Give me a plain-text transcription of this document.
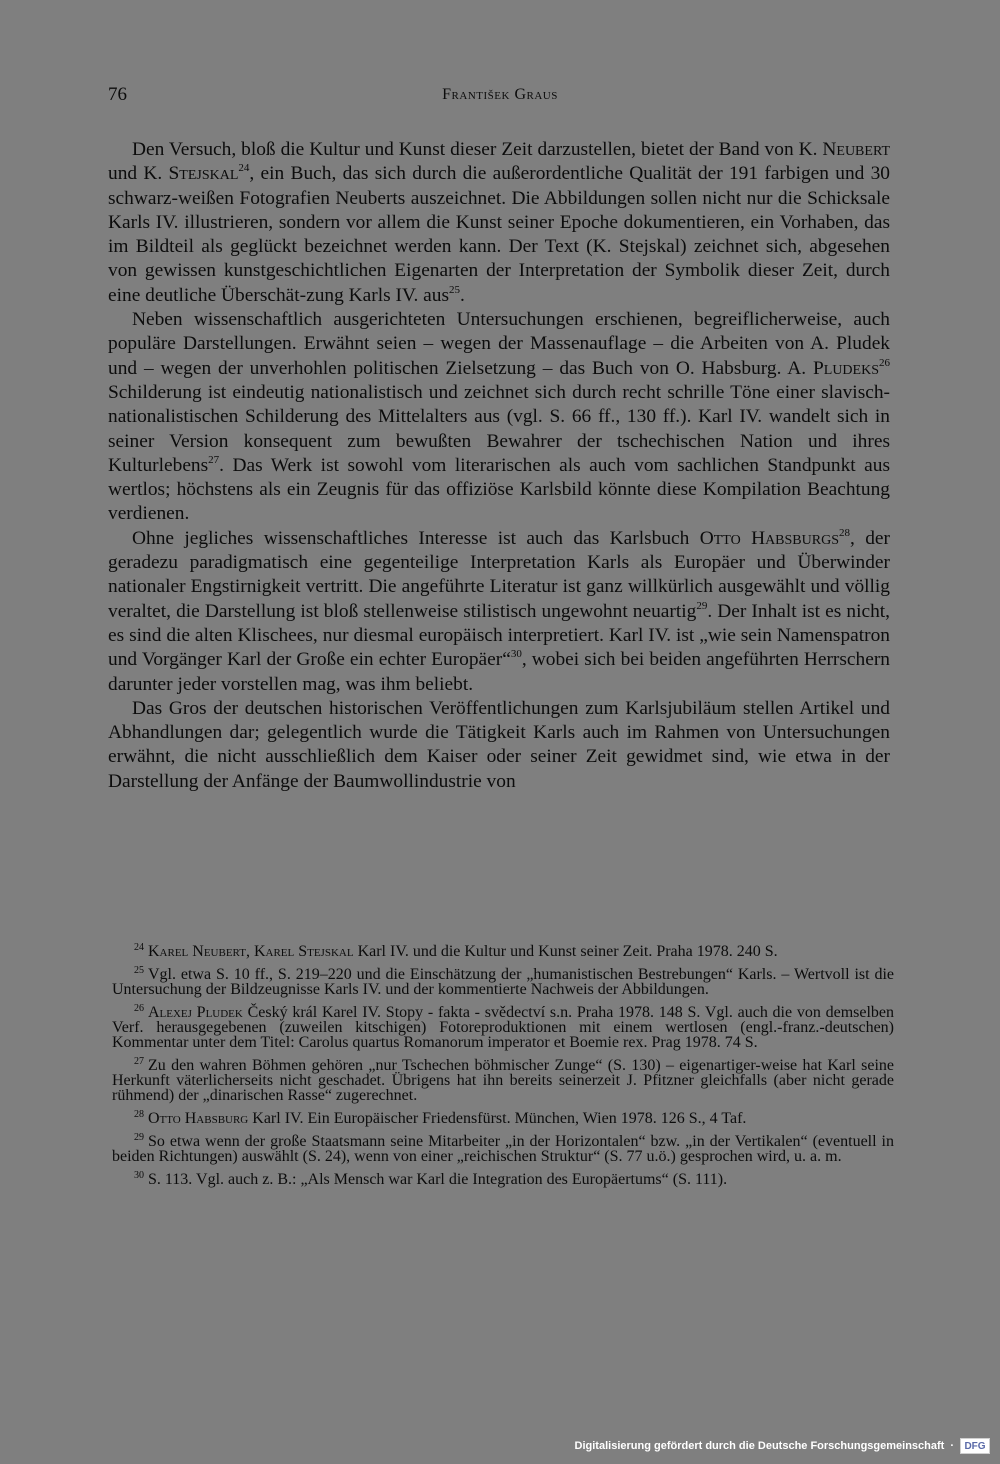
76	František Graus

Den Versuch, bloß die Kultur und Kunst dieser Zeit darzustellen, bietet der Band von K. Neubert und K. Stejskal$^{24}$, ein Buch, das sich durch die außerordentliche Qualität der 191 farbigen und 30 schwarz-weißen Fotografien Neuberts auszeichnet. Die Abbildungen sollen nicht nur die Schicksale Karls IV. illustrieren, sondern vor allem die Kunst seiner Epoche dokumentieren, ein Vorhaben, das im Bildteil als geglückt bezeichnet werden kann. Der Text (K. Stejskal) zeichnet sich, abgesehen von gewissen kunstgeschichtlichen Eigenarten der Interpretation der Symbolik dieser Zeit, durch eine deutliche Überschät-zung Karls IV. aus$^{25}$.

Neben wissenschaftlich ausgerichteten Untersuchungen erschienen, begreiflicherweise, auch populäre Darstellungen. Erwähnt seien – wegen der Massenauflage – die Arbeiten von A. Pludek und – wegen der unverhohlen politischen Zielsetzung – das Buch von O. Habsburg. A. Pludeks$^{26}$ Schilderung ist eindeutig nationalistisch und zeichnet sich durch recht schrille Töne einer slavisch-nationalistischen Schilderung des Mittelalters aus (vgl. S. 66 ff., 130 ff.). Karl IV. wandelt sich in seiner Version konsequent zum bewußten Bewahrer der tschechischen Nation und ihres Kulturlebens$^{27}$. Das Werk ist sowohl vom literarischen als auch vom sachlichen Standpunkt aus wertlos; höchstens als ein Zeugnis für das offiziöse Karlsbild könnte diese Kompilation Beachtung verdienen.

Ohne jegliches wissenschaftliches Interesse ist auch das Karlsbuch Otto Habsburgs$^{28}$, der geradezu paradigmatisch eine gegenteilige Interpretation Karls als Europäer und Überwinder nationaler Engstirnigkeit vertritt. Die angeführte Literatur ist ganz willkürlich ausgewählt und völlig veraltet, die Darstellung ist bloß stellenweise stilistisch ungewohnt neuartig$^{29}$. Der Inhalt ist es nicht, es sind die alten Klischees, nur diesmal europäisch interpretiert. Karl IV. ist „wie sein Namenspatron und Vorgänger Karl der Große ein echter Europäer“$^{30}$, wobei sich bei beiden angeführten Herrschern darunter jeder vorstellen mag, was ihm beliebt.

Das Gros der deutschen historischen Veröffentlichungen zum Karlsjubiläum stellen Artikel und Abhandlungen dar; gelegentlich wurde die Tätigkeit Karls auch im Rahmen von Untersuchungen erwähnt, die nicht ausschließlich dem Kaiser oder seiner Zeit gewidmet sind, wie etwa in der Darstellung der Anfänge der Baumwollindustrie von

$^{24}$ Karel Neubert, Karel Stejskal Karl IV. und die Kultur und Kunst seiner Zeit. Praha 1978. 240 S.

$^{25}$ Vgl. etwa S. 10 ff., S. 219–220 und die Einschätzung der „humanistischen Bestrebungen“ Karls. – Wertvoll ist die Untersuchung der Bildzeugnisse Karls IV. und der kommentierte Nachweis der Abbildungen.

$^{26}$ Alexej Pludek Český král Karel IV. Stopy - fakta - svědectví s.n. Praha 1978. 148 S. Vgl. auch die von demselben Verf. herausgegebenen (zuweilen kitschigen) Fotoreproduktionen mit einem wertlosen (engl.-franz.-deutschen) Kommentar unter dem Titel: Carolus quartus Romanorum imperator et Boemie rex. Prag 1978. 74 S.

$^{27}$ Zu den wahren Böhmen gehören „nur Tschechen böhmischer Zunge“ (S. 130) – eigenartiger-weise hat Karl seine Herkunft väterlicherseits nicht geschadet. Übrigens hat ihn bereits seinerzeit J. Pfitzner gleichfalls (aber nicht gerade rühmend) der „dinarischen Rasse“ zugerechnet.

$^{28}$ Otto Habsburg Karl IV. Ein Europäischer Friedensfürst. München, Wien 1978. 126 S., 4 Taf.

$^{29}$ So etwa wenn der große Staatsmann seine Mitarbeiter „in der Horizontalen“ bzw. „in der Vertikalen“ (eventuell in beiden Richtungen) auswählt (S. 24), wenn von einer „reichischen Struktur“ (S. 77 u.ö.) gesprochen wird, u. a. m.

$^{30}$ S. 113. Vgl. auch z. B.: „Als Mensch war Karl die Integration des Europäertums“ (S. 111).

Digitalisierung gefördert durch die Deutsche Forschungsgemeinschaft ·	DFG
